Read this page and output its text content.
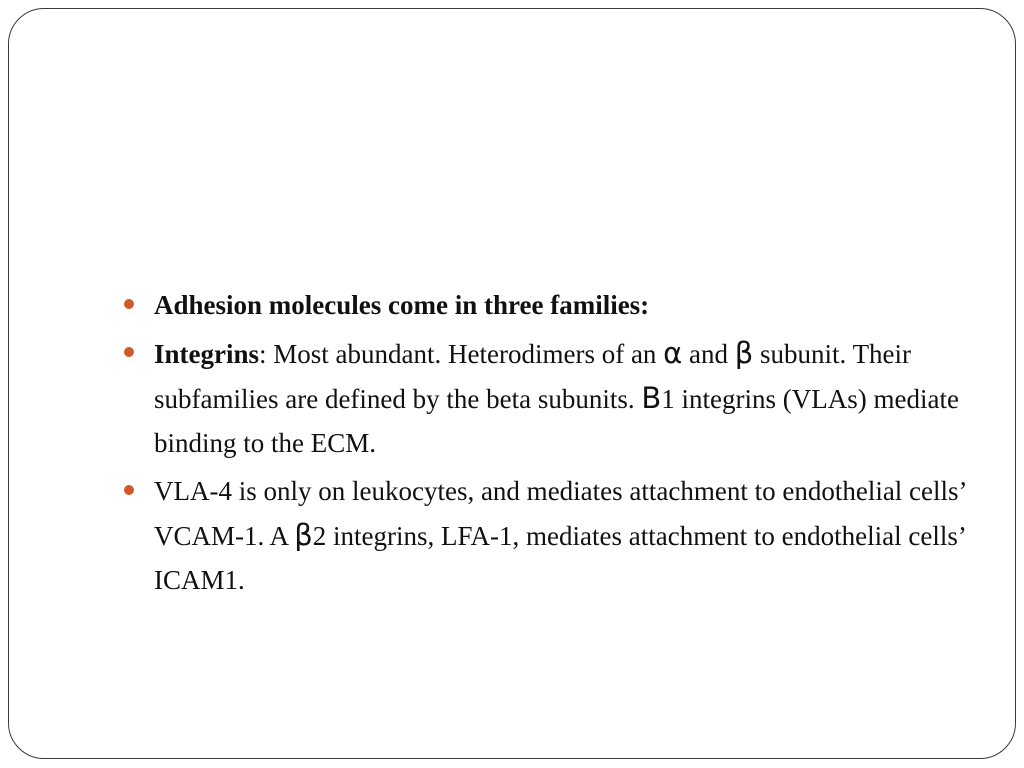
Adhesion molecules come in three families:
Integrins: Most abundant. Heterodimers of an α and β subunit. Their subfamilies are defined by the beta subunits. B1 integrins (VLAs) mediate binding to the ECM.
VLA-4 is only on leukocytes, and mediates attachment to endothelial cells’ VCAM-1. A β2 integrins, LFA-1, mediates attachment to endothelial cells’ ICAM1.
